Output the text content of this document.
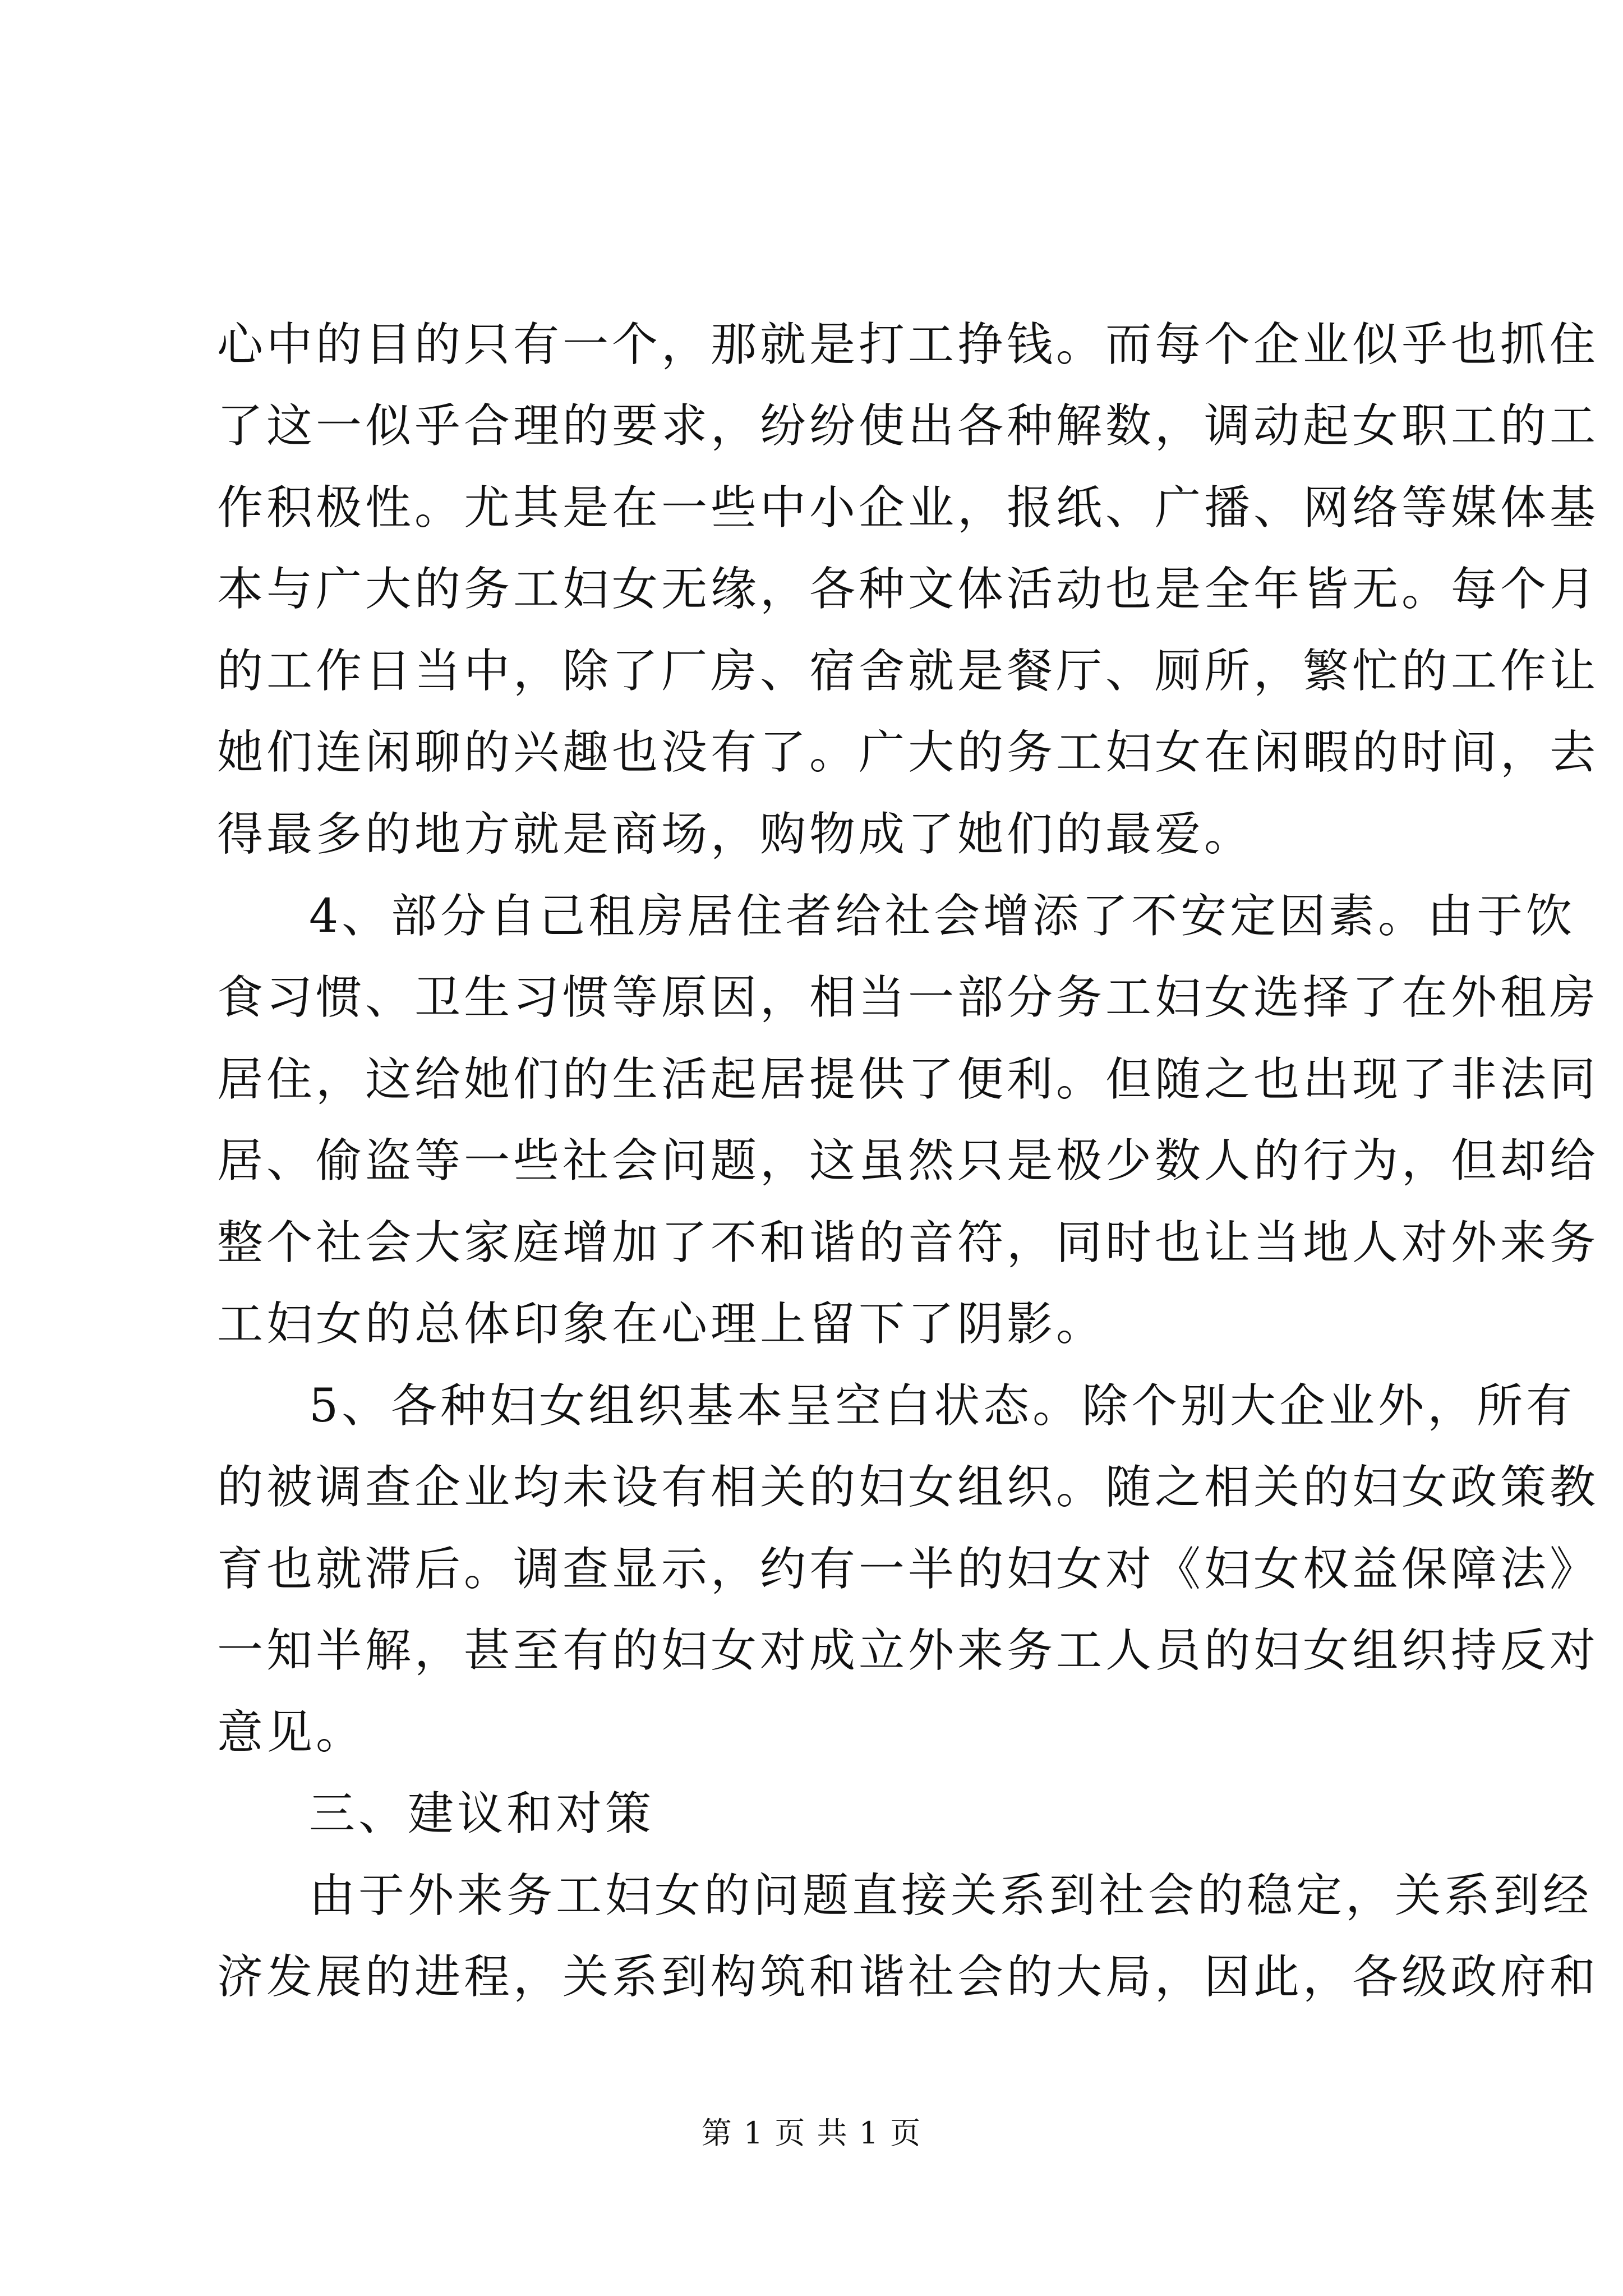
心中的目的只有一个，那就是打工挣钱。而每个企业似乎也抓住
了这一似乎合理的要求，纷纷使出各种解数，调动起女职工的工
作积极性。尤其是在一些中小企业，报纸、广播、网络等媒体基
本与广大的务工妇女无缘，各种文体活动也是全年皆无。每个月
的工作日当中，除了厂房、宿舍就是餐厅、厕所，繁忙的工作让
她们连闲聊的兴趣也没有了。广大的务工妇女在闲暇的时间，去
得最多的地方就是商场，购物成了她们的最爱。
4、部分自己租房居住者给社会增添了不安定因素。由于饮
食习惯、卫生习惯等原因，相当一部分务工妇女选择了在外租房
居住，这给她们的生活起居提供了便利。但随之也出现了非法同
居、偷盗等一些社会问题，这虽然只是极少数人的行为，但却给
整个社会大家庭增加了不和谐的音符，同时也让当地人对外来务
工妇女的总体印象在心理上留下了阴影。
5、各种妇女组织基本呈空白状态。除个别大企业外，所有
的被调查企业均未设有相关的妇女组织。随之相关的妇女政策教
育也就滞后。调查显示，约有一半的妇女对《妇女权益保障法》
一知半解，甚至有的妇女对成立外来务工人员的妇女组织持反对
意见。
三、建议和对策
由于外来务工妇女的问题直接关系到社会的稳定，关系到经
济发展的进程，关系到构筑和谐社会的大局，因此，各级政府和
第 1 页 共 1 页
